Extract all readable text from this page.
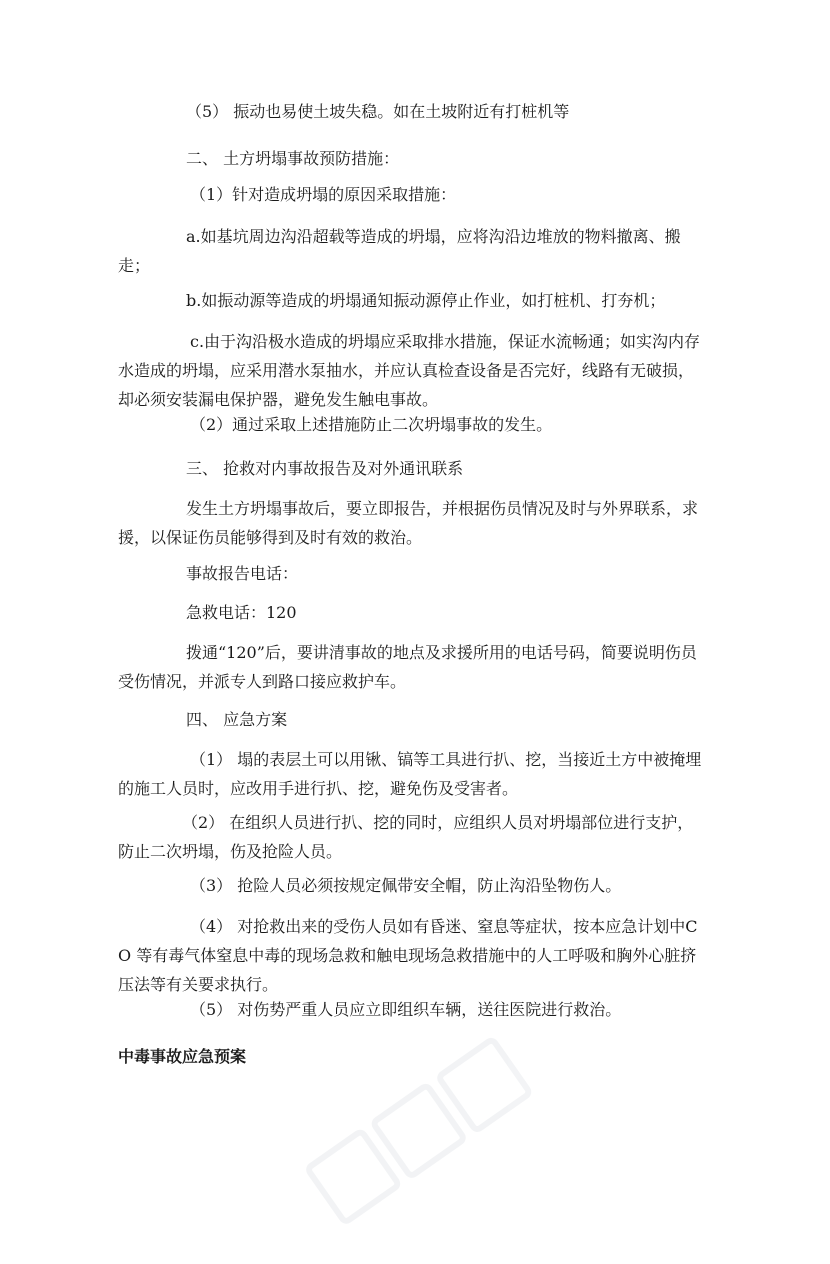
（5） 振动也易使土坡失稳。如在土坡附近有打桩机等

二、 土方坍塌事故预防措施：

（1）针对造成坍塌的原因采取措施：

a.如基坑周边沟沿超载等造成的坍塌，应将沟沿边堆放的物料撤离、搬走；

b.如振动源等造成的坍塌通知振动源停止作业，如打桩机、打夯机；

c.由于沟沿极水造成的坍塌应采取排水措施，保证水流畅通；如实沟内存水造成的坍塌，应采用潜水泵抽水，并应认真检查设备是否完好，线路有无破损，却必须安装漏电保护器，避免发生触电事故。

（2）通过采取上述措施防止二次坍塌事故的发生。

三、 抢救对内事故报告及对外通讯联系

发生土方坍塌事故后，要立即报告，并根据伤员情况及时与外界联系，求援，以保证伤员能够得到及时有效的救治。

事故报告电话：

急救电话：120

拨通“120”后，要讲清事故的地点及求援所用的电话号码，简要说明伤员受伤情况，并派专人到路口接应救护车。

四、 应急方案

（1） 塌的表层土可以用锹、镐等工具进行扒、挖，当接近土方中被掩埋的施工人员时，应改用手进行扒、挖，避免伤及受害者。

（2） 在组织人员进行扒、挖的同时，应组织人员对坍塌部位进行支护，防止二次坍塌，伤及抢险人员。

（3） 抢险人员必须按规定佩带安全帽，防止沟沿坠物伤人。

（4） 对抢救出来的受伤人员如有昏迷、窒息等症状，按本应急计划中CO 等有毒气体窒息中毒的现场急救和触电现场急救措施中的人工呼吸和胸外心脏挤压法等有关要求执行。

（5） 对伤势严重人员应立即组织车辆，送往医院进行救治。

中毒事故应急预案
